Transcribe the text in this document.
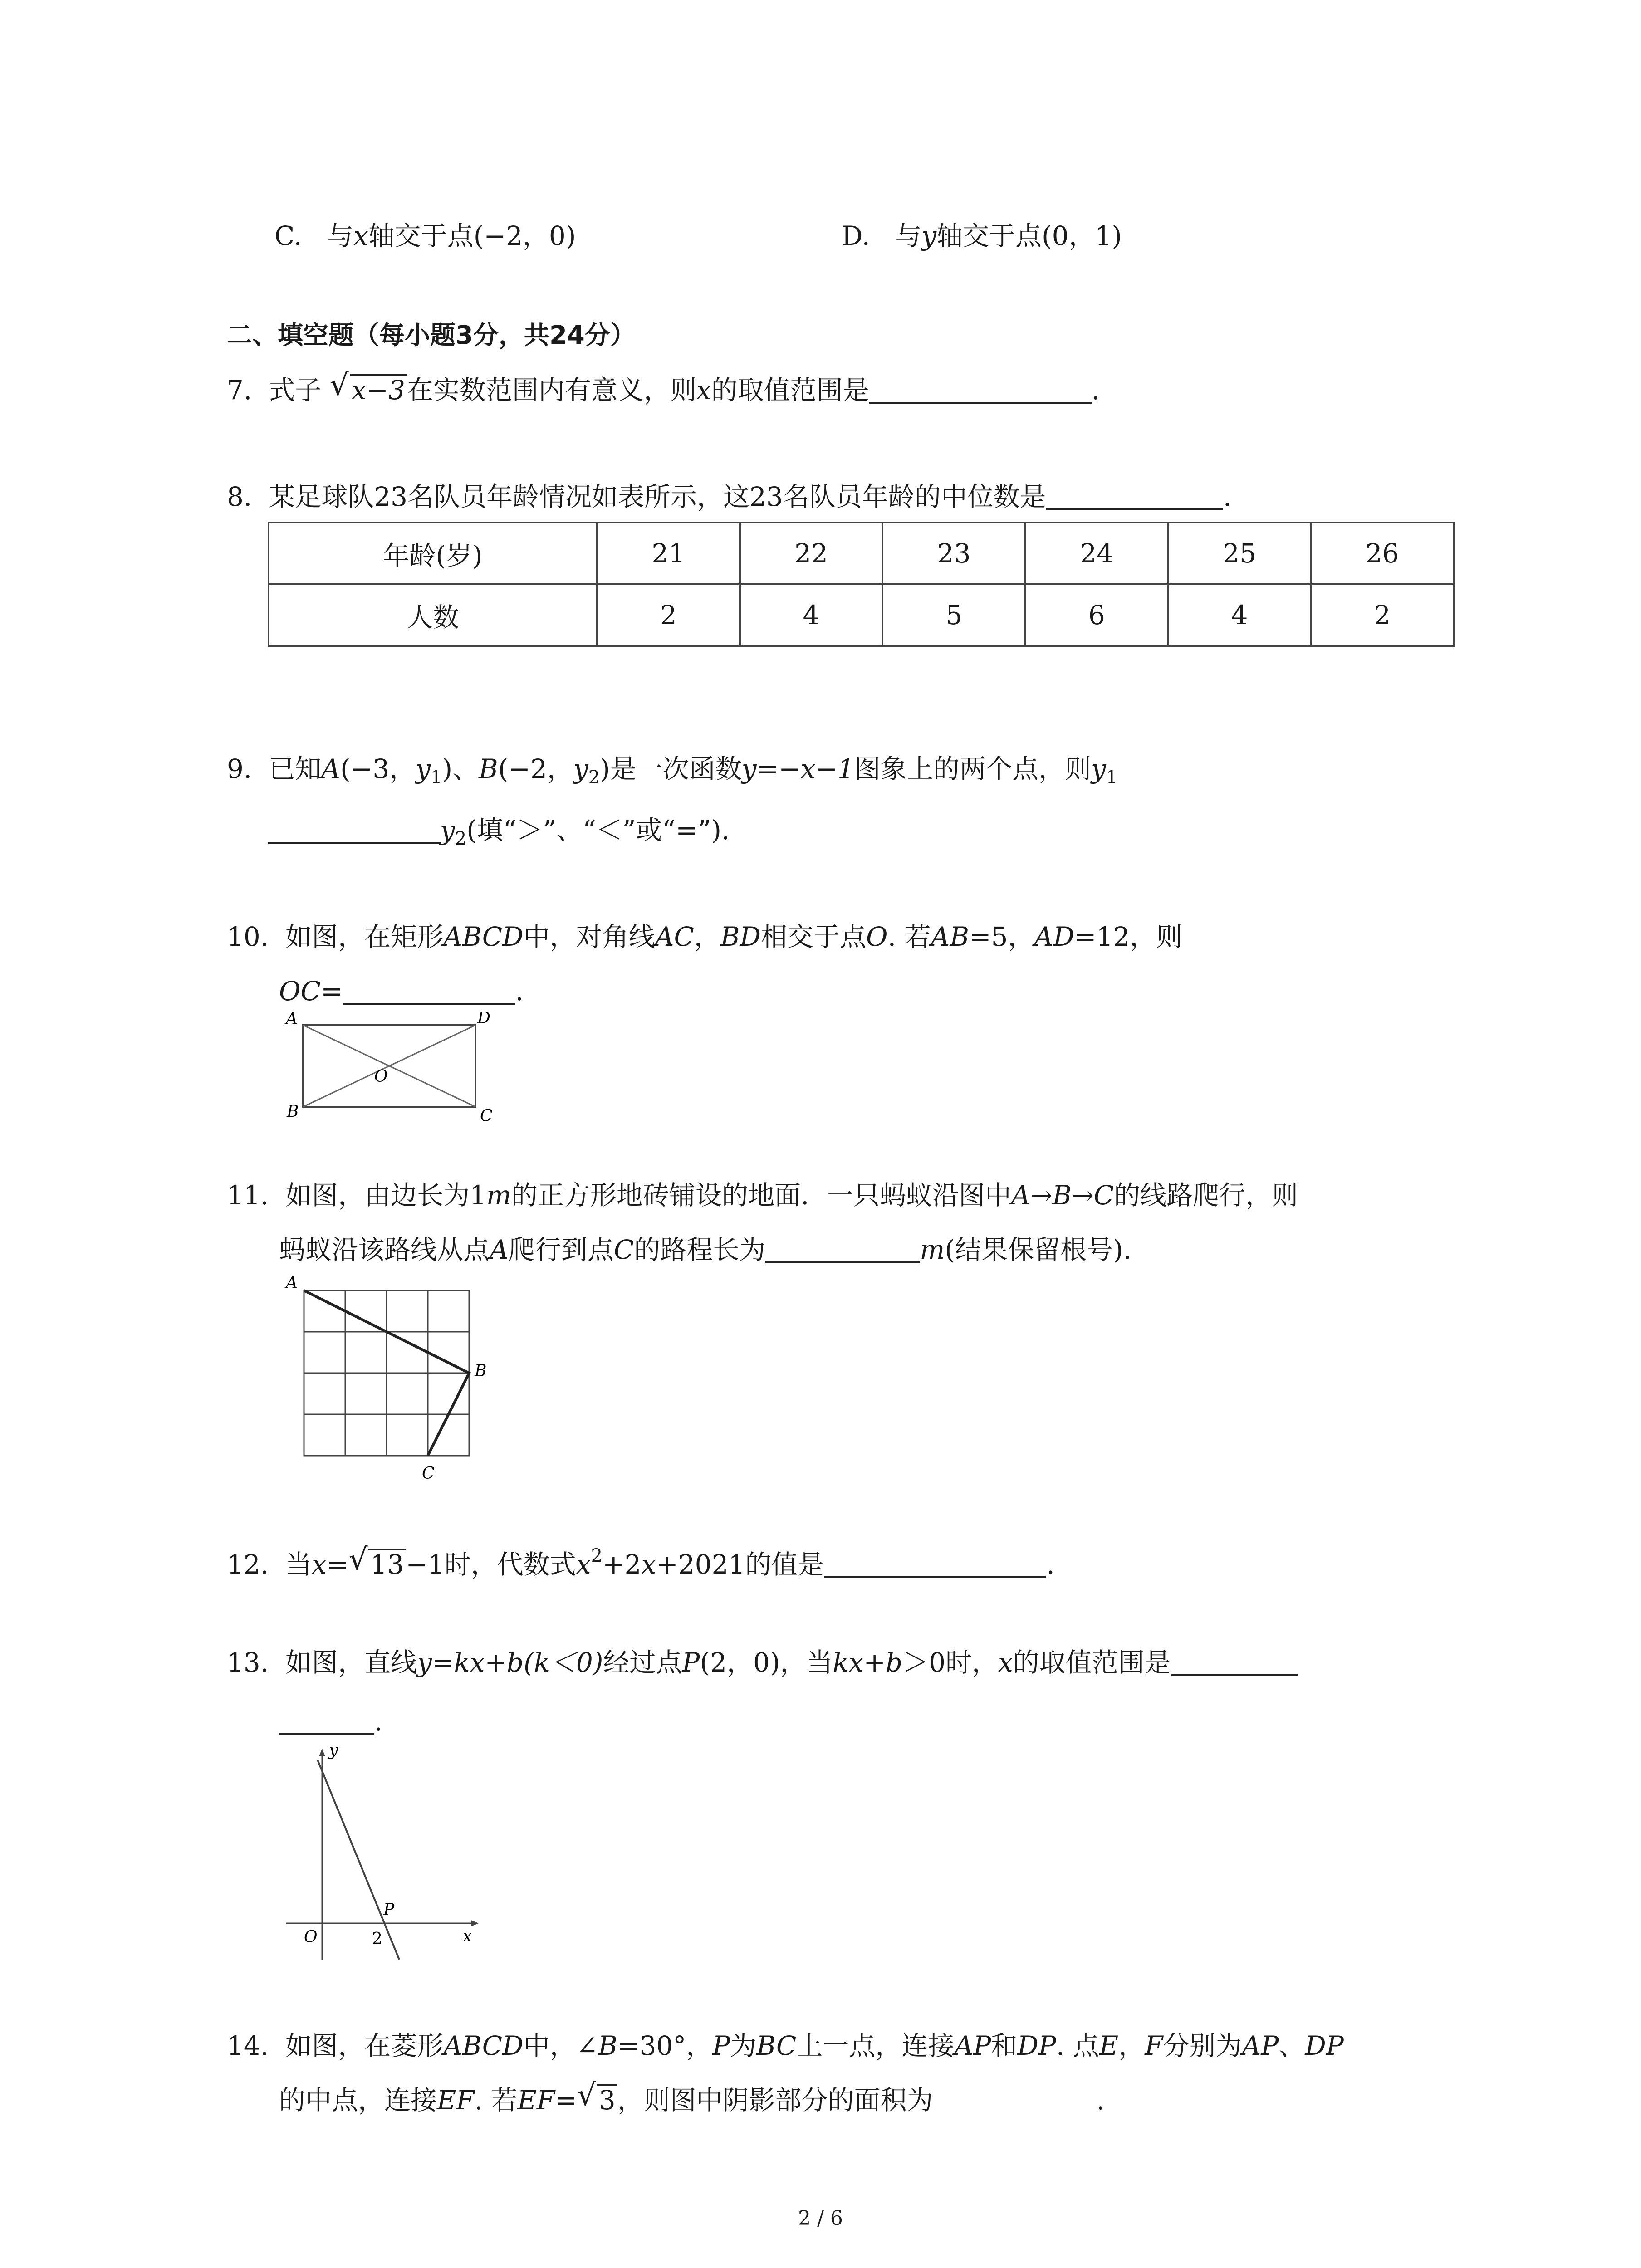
C. 与x轴交于点(−2，0)	D. 与y轴交于点(0，1)
二、填空题（每小题3分，共24分）
7. 式子 √ x−3在实数范围内有意义，则x的取值范围是	.
8. 某足球队23名队员年龄情况如表所示，这23名队员年龄的中位数是	.
年龄(岁)	21	22	23	24	25	26
人数	2	4	5	6	4	2
9. 已知A(−3，$y_1$)、B(−2，$y_2$)是一次函数y=−x−1图象上的两个点，则$y_1$
$y_2$(填“＞”、“＜”或“=”).
10. 如图，在矩形ABCD中，对角线AC，BD相交于点O. 若AB=5，AD=12，则
OC=	.
A
B	C
D
O
11. 如图，由边长为1m的正方形地砖铺设的地面．一只蚂蚁沿图中A→B→C的线路爬行，则
蚂蚁沿该路线从点A爬行到点C的路程长为	m(结果保留根号).
A
B
C
12. 当x= √ 13−1时，代数式$x^2+2x+2021$的值是	.
13. 如图，直线y=kx+b(k＜0)经过点P(2，0)，当kx+b＞0时，x的取值范围是
.
y
x
O
P
2
14. 如图，在菱形ABCD中，∠B=30°，P为BC上一点，连接AP和DP. 点E，F分别为AP、DP
的中点，连接EF. 若EF= √ 3，则图中阴影部分的面积为	.
2 / 6
